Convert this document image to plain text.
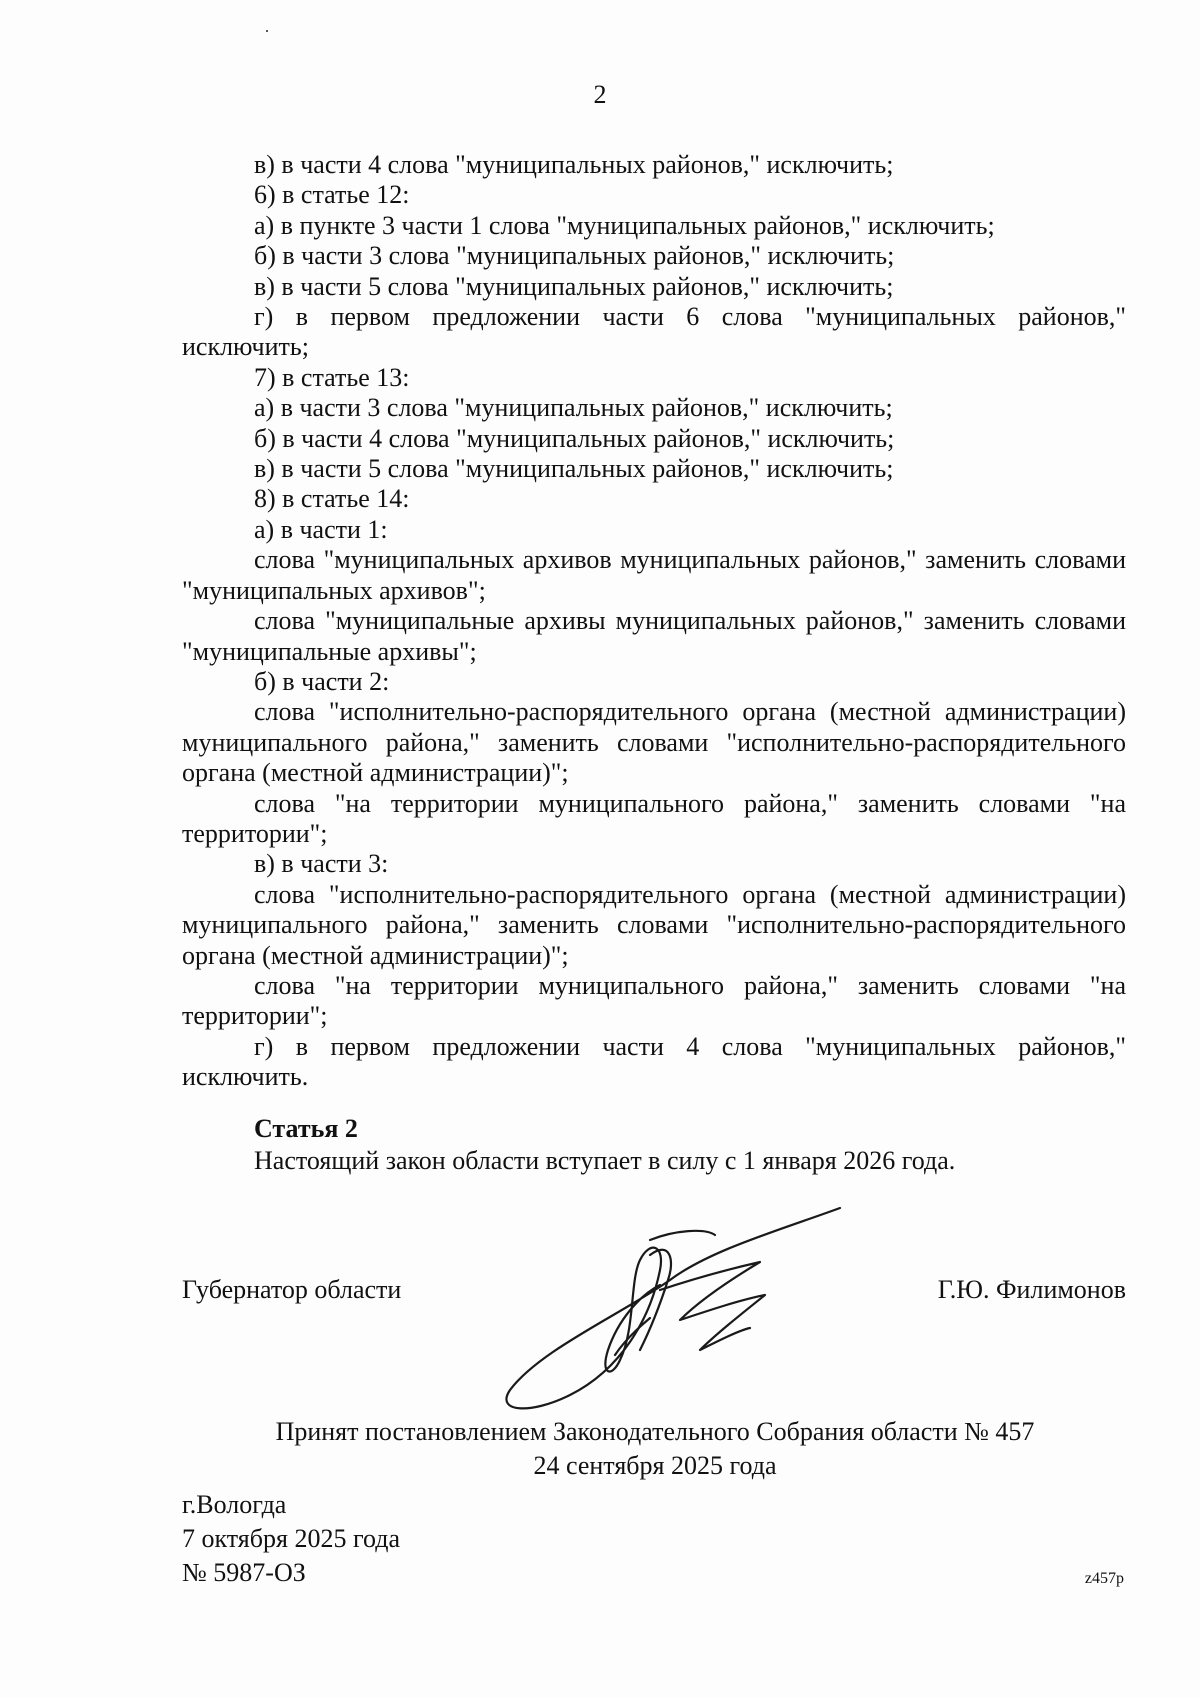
2

в) в части 4 слова "муниципальных районов," исключить;

6) в статье 12:

а) в пункте 3 части 1 слова "муниципальных районов," исключить;

б) в части 3 слова "муниципальных районов," исключить;

в) в части 5 слова "муниципальных районов," исключить;

г) в первом предложении части 6 слова "муниципальных районов," исключить;

7) в статье 13:

а) в части 3 слова "муниципальных районов," исключить;

б) в части 4 слова "муниципальных районов," исключить;

в) в части 5 слова "муниципальных районов," исключить;

8) в статье 14:

а) в части 1:

слова "муниципальных архивов муниципальных районов," заменить словами "муниципальных архивов";

слова "муниципальные архивы муниципальных районов," заменить словами "муниципальные архивы";

б) в части 2:

слова "исполнительно-распорядительного органа (местной администрации) муниципального района," заменить словами "исполнительно-распорядительного органа (местной администрации)";

слова "на территории муниципального района," заменить словами "на территории";

в) в части 3:

слова "исполнительно-распорядительного органа (местной администрации) муниципального района," заменить словами "исполнительно-распорядительного органа (местной администрации)";

слова "на территории муниципального района," заменить словами "на территории";

г) в первом предложении части 4 слова "муниципальных районов," исключить.

Статья 2
Настоящий закон области вступает в силу с 1 января 2026 года.
Губернатор области	Г.Ю. Филимонов
Принят постановлением Законодательного Собрания области № 457
24 сентября 2025 года
г.Вологда
7 октября 2025 года
№ 5987-ОЗ	z457p
